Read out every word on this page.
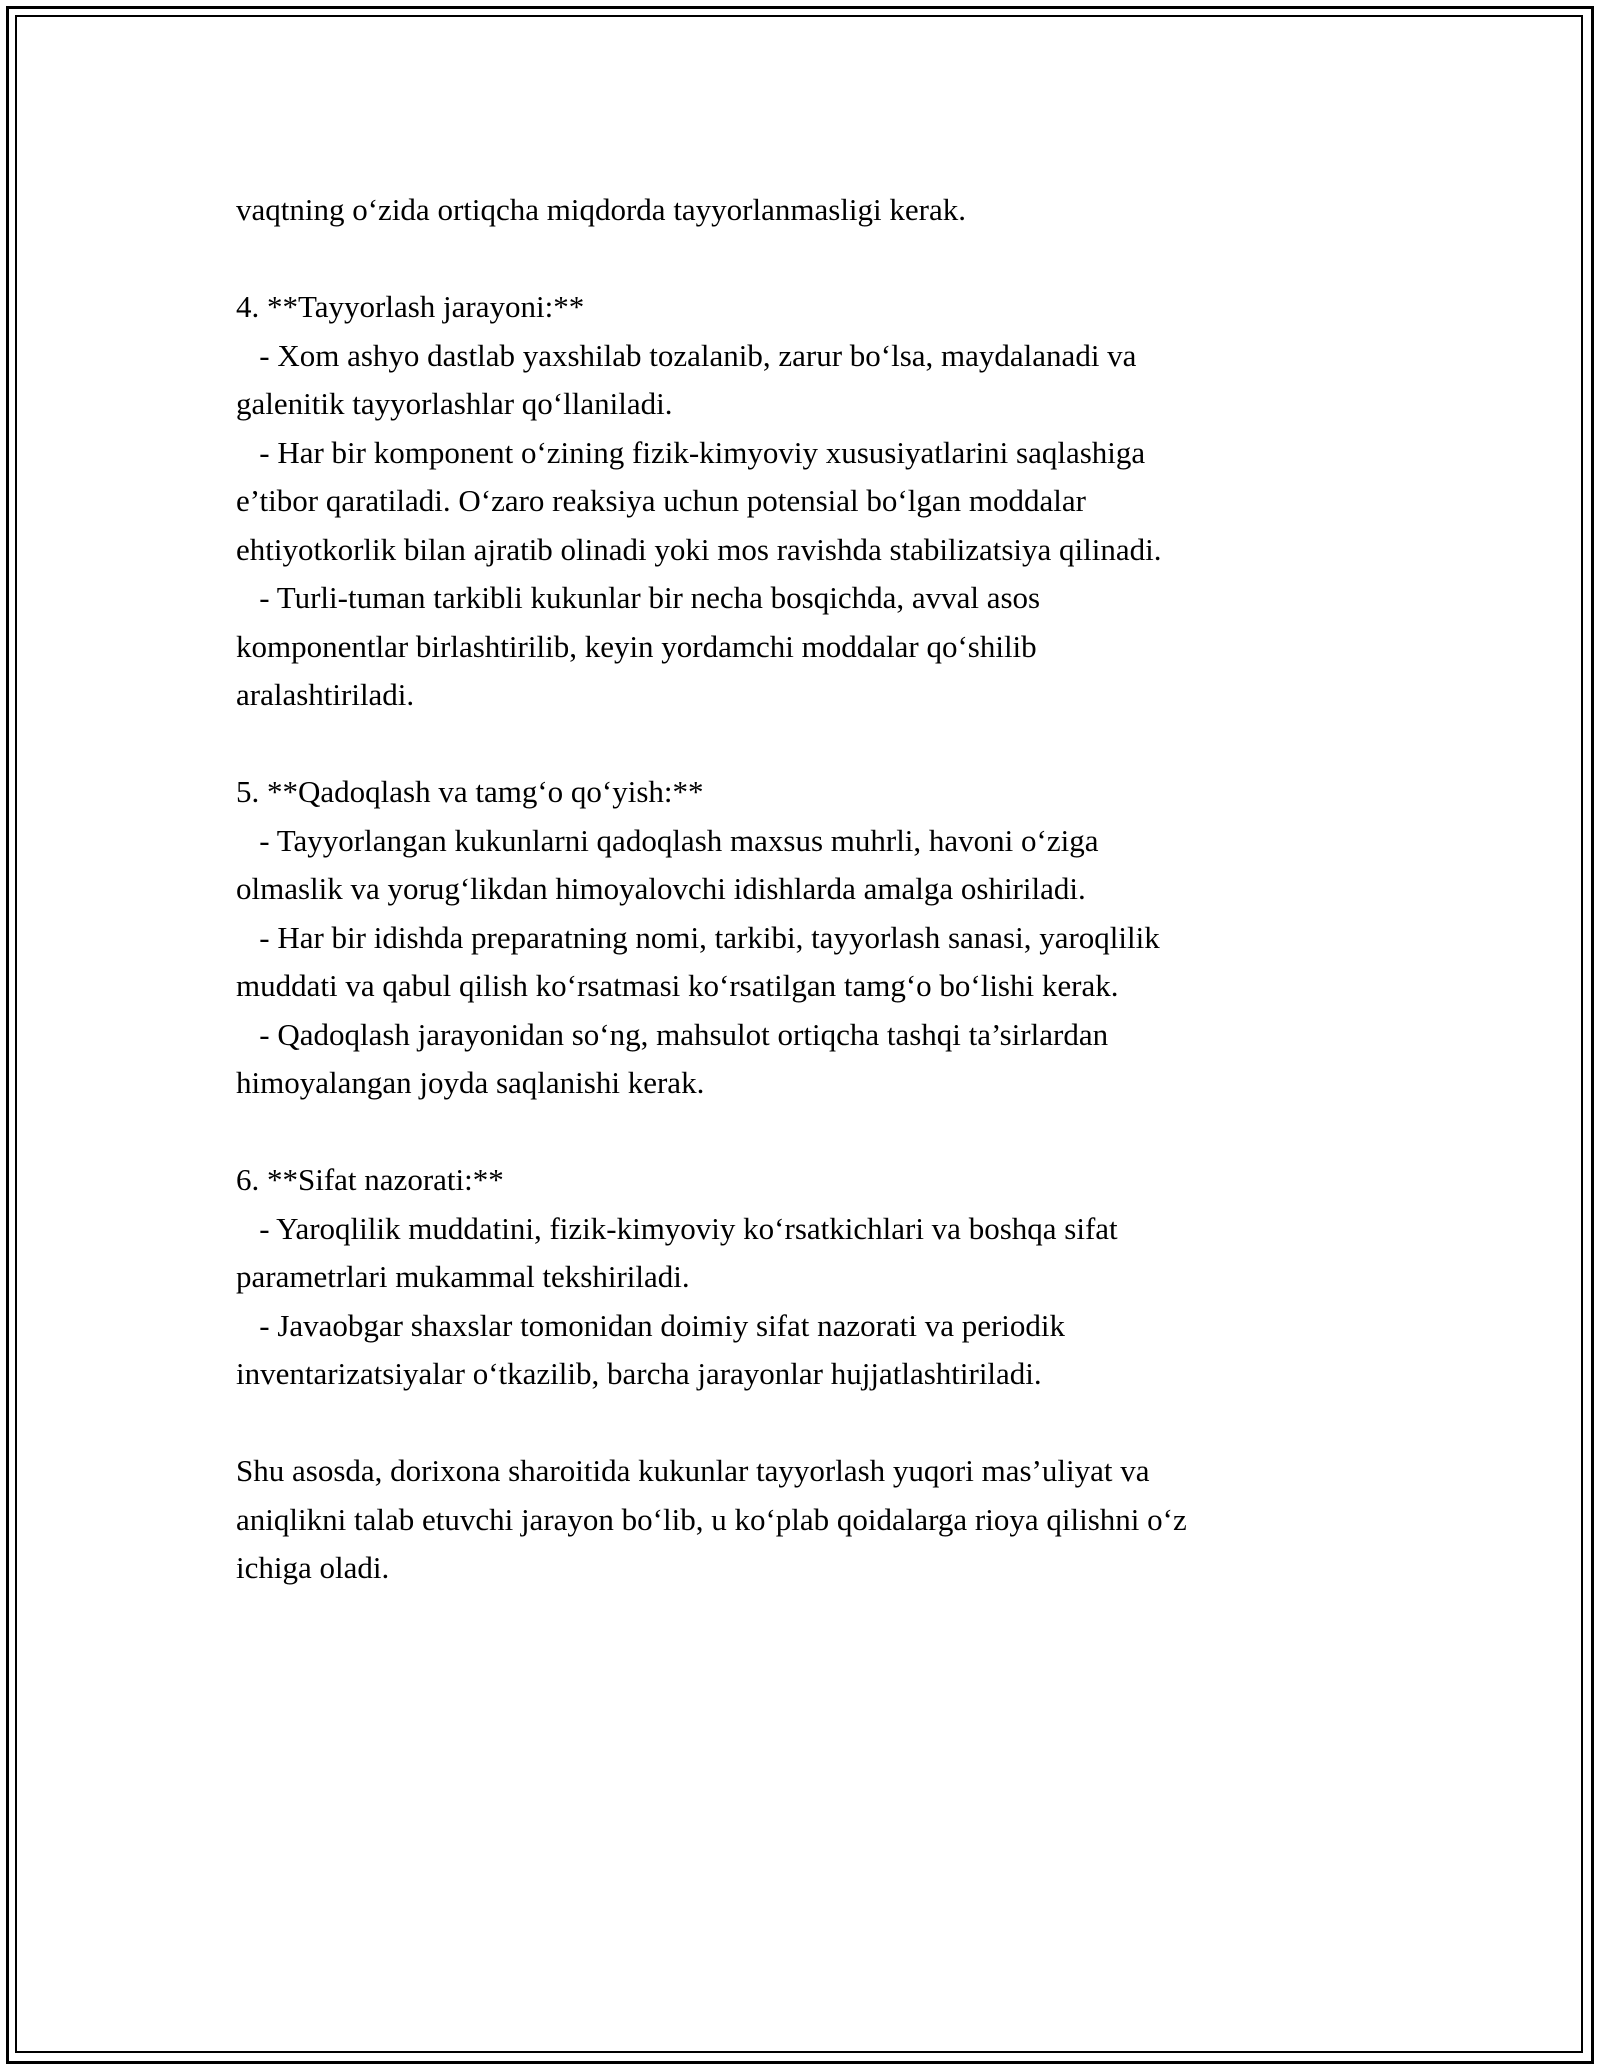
vaqtning o‘zida ortiqcha miqdorda tayyorlanmasligi kerak.
4. **Tayyorlash jarayoni:**
- Xom ashyo dastlab yaxshilab tozalanib, zarur bo‘lsa, maydalanadi va
galenitik tayyorlashlar qo‘llaniladi.
- Har bir komponent o‘zining fizik-kimyoviy xususiyatlarini saqlashiga
e’tibor qaratiladi. O‘zaro reaksiya uchun potensial bo‘lgan moddalar
ehtiyotkorlik bilan ajratib olinadi yoki mos ravishda stabilizatsiya qilinadi.
- Turli-tuman tarkibli kukunlar bir necha bosqichda, avval asos
komponentlar birlashtirilib, keyin yordamchi moddalar qo‘shilib
aralashtiriladi.
5. **Qadoqlash va tamg‘o qo‘yish:**
- Tayyorlangan kukunlarni qadoqlash maxsus muhrli, havoni o‘ziga
olmaslik va yorug‘likdan himoyalovchi idishlarda amalga oshiriladi.
- Har bir idishda preparatning nomi, tarkibi, tayyorlash sanasi, yaroqlilik
muddati va qabul qilish ko‘rsatmasi ko‘rsatilgan tamg‘o bo‘lishi kerak.
- Qadoqlash jarayonidan so‘ng, mahsulot ortiqcha tashqi ta’sirlardan
himoyalangan joyda saqlanishi kerak.
6. **Sifat nazorati:**
- Yaroqlilik muddatini, fizik-kimyoviy ko‘rsatkichlari va boshqa sifat
parametrlari mukammal tekshiriladi.
- Javaobgar shaxslar tomonidan doimiy sifat nazorati va periodik
inventarizatsiyalar o‘tkazilib, barcha jarayonlar hujjatlashtiriladi.
Shu asosda, dorixona sharoitida kukunlar tayyorlash yuqori mas’uliyat va
aniqlikni talab etuvchi jarayon bo‘lib, u ko‘plab qoidalarga rioya qilishni o‘z
ichiga oladi.
